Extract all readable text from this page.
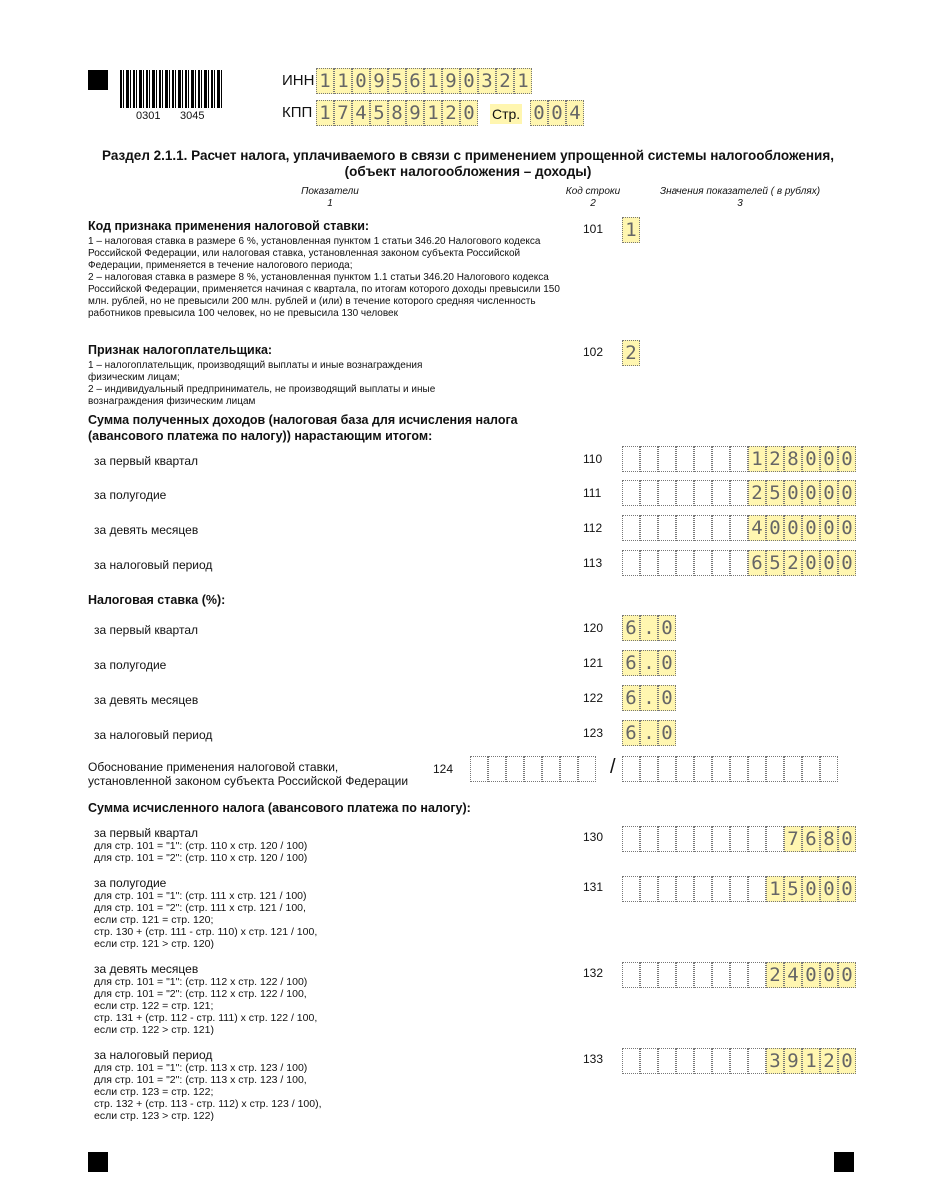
0301 3045
ИНН 1 1 0 9 5 6 1 9 0 3 2 1
КПП 1 7 4 5 8 9 1 2 0 Стр. 0 0 4
Раздел 2.1.1. Расчет налога, уплачиваемого в связи с применением упрощенной системы налогообложения,
(объект налогообложения – доходы)
Показатели
1
Код строки
2
Значения показателей ( в рублях)
3
Код признака применения налоговой ставки:
1 – налоговая ставка в размере 6 %, установленная пунктом 1 статьи 346.20 Налогового кодекса Российской Федерации, или налоговая ставка, установленная законом субъекта Российской Федерации, применяется в течение налогового периода;
2 – налоговая ставка в размере 8 %, установленная пунктом 1.1 статьи 346.20 Налогового кодекса Российской Федерации, применяется начиная с квартала, по итогам которого доходы превысили 150 млн. рублей, но не превысили 200 млн. рублей и (или) в течение которого средняя численность работников превысила 100 человек, но не превысила 130 человек
101 1
Признак налогоплательщика:
1 – налогоплательщик, производящий выплаты и иные вознаграждения физическим лицам;
2 – индивидуальный предприниматель, не производящий выплаты и иные вознаграждения физическим лицам
102 2
Сумма полученных доходов (налоговая база для исчисления налога
(авансового платежа по налогу)) нарастающим итогом:
за первый квартал	110	1 2 8 0 0 0
за полугодие	111	2 5 0 0 0 0
за девять месяцев	112	4 0 0 0 0 0
за налоговый период	113	6 5 2 0 0 0
Налоговая ставка (%):
за первый квартал	120 6 . 0
за полугодие	121 6 . 0
за девять месяцев	122 6 . 0
за налоговый период	123 6 . 0
Обоснование применения налоговой ставки,
установленной законом субъекта Российской Федерации
124	/
Сумма исчисленного налога (авансового платежа по налогу):
за первый квартал
для стр. 101 = "1": (стр. 110 х стр. 120 / 100)
для стр. 101 = "2": (стр. 110 х стр. 120 / 100)
130	7 6 8 0
за полугодие
для стр. 101 = "1": (стр. 111 х стр. 121 / 100)
для стр. 101 = "2": (стр. 111 х стр. 121 / 100,
если стр. 121 = стр. 120;
стр. 130 + (стр. 111 - стр. 110) х стр. 121 / 100,
если стр. 121 > стр. 120)
131	1 5 0 0 0
за девять месяцев
для стр. 101 = "1": (стр. 112 х стр. 122 / 100)
для стр. 101 = "2": (стр. 112 х стр. 122 / 100,
если стр. 122 = стр. 121;
стр. 131 + (стр. 112 - стр. 111) х стр. 122 / 100,
если стр. 122 > стр. 121)
132	2 4 0 0 0
за налоговый период
для стр. 101 = "1": (стр. 113 х стр. 123 / 100)
для стр. 101 = "2": (стр. 113 х стр. 123 / 100,
если стр. 123 = стр. 122;
стр. 132 + (стр. 113 - стр. 112) х стр. 123 / 100),
если стр. 123 > стр. 122)
133	3 9 1 2 0
